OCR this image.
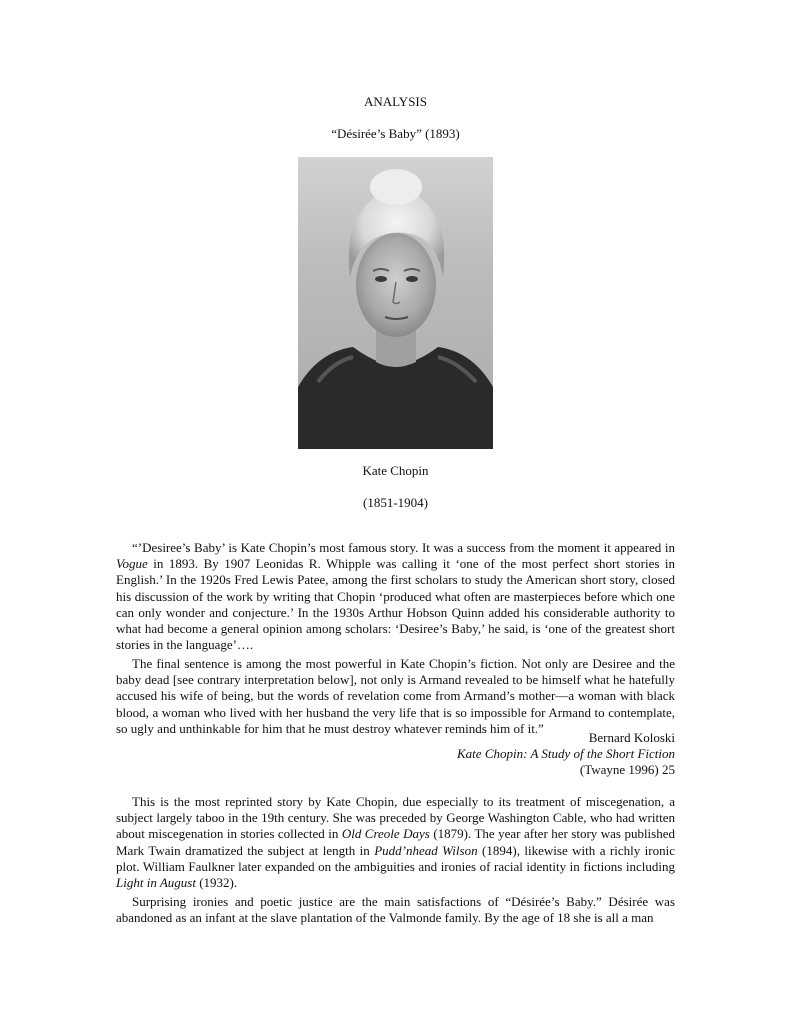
ANALYSIS
“Désirée’s Baby” (1893)
Kate Chopin
(1851-1904)

“’Desiree’s Baby’ is Kate Chopin’s most famous story. It was a success from the moment it appeared in Vogue in 1893. By 1907 Leonidas R. Whipple was calling it ‘one of the most perfect short stories in English.’ In the 1920s Fred Lewis Patee, among the first scholars to study the American short story, closed his discussion of the work by writing that Chopin ‘produced what often are masterpieces before which one can only wonder and conjecture.’ In the 1930s Arthur Hobson Quinn added his considerable authority to what had become a general opinion among scholars: ‘Desiree’s Baby,’ he said, is ‘one of the greatest short stories in the language’….

The final sentence is among the most powerful in Kate Chopin’s fiction. Not only are Desiree and the baby dead [see contrary interpretation below], not only is Armand revealed to be himself what he hatefully accused his wife of being, but the words of revelation come from Armand’s mother—a woman with black blood, a woman who lived with her husband the very life that is so impossible for Armand to contemplate, so ugly and unthinkable for him that he must destroy whatever reminds him of it.”

Bernard Koloski
Kate Chopin: A Study of the Short Fiction
(Twayne 1996) 25

This is the most reprinted story by Kate Chopin, due especially to its treatment of miscegenation, a subject largely taboo in the 19th century. She was preceded by George Washington Cable, who had written about miscegenation in stories collected in Old Creole Days (1879). The year after her story was published Mark Twain dramatized the subject at length in Pudd’nhead Wilson (1894), likewise with a richly ironic plot. William Faulkner later expanded on the ambiguities and ironies of racial identity in fictions including Light in August (1932).

Surprising ironies and poetic justice are the main satisfactions of “Désirée’s Baby.” Désirée was abandoned as an infant at the slave plantation of the Valmonde family. By the age of 18 she is all a man
